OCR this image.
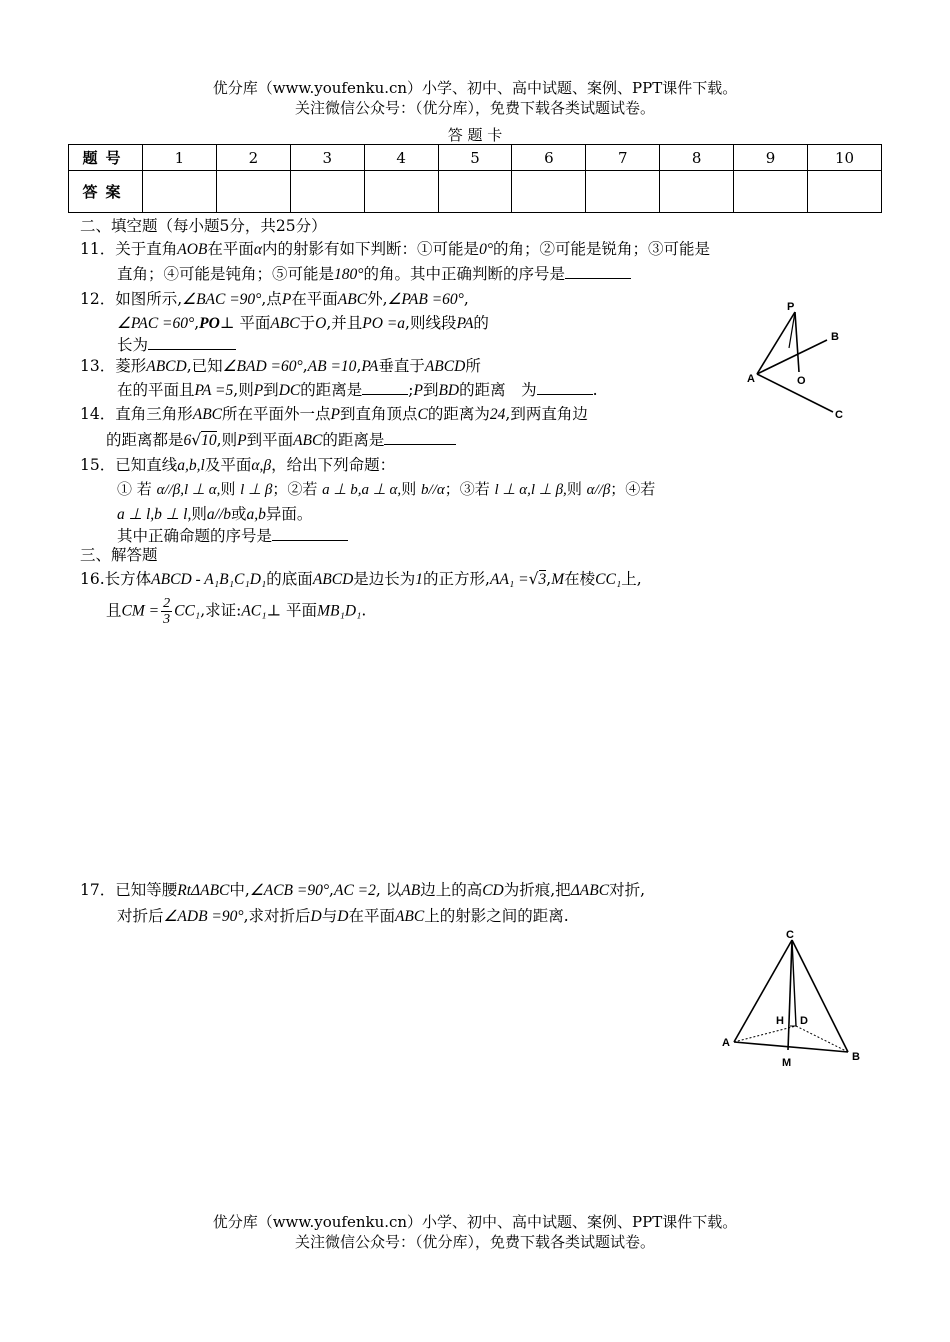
优分库（www.youfenku.cn）小学、初中、高中试题、案例、PPT课件下载。
关注微信公众号：（优分库），免费下载各类试题试卷。
答 题 卡
题号	1	2	3	4	5	6	7	8	9	10
答案										
二、填空题（每小题5分，共25分）
11．关于直角AOB在平面α内的射影有如下判断：①可能是0°的角；②可能是锐角；③可能是
直角；④可能是钝角；⑤可能是180°的角。其中正确判断的序号是
12．如图所示,∠BAC =90°,点P在平面ABC外,∠PAB =60°,
∠PAC =60°,PO⊥ 平面ABC于O,并且PO =a,则线段PA的
长为
13．菱形ABCD,已知∠BAD =60°,AB =10,PA垂直于ABCD所
在的平面且PA =5,则P到DC的距离是	;P到BD的距离　为	.
14．直角三角形ABC所在平面外一点P到直角顶点C的距离为24,到两直角边
的距离都是6√10,则P到平面ABC的距离是
15．已知直线a,b,l及平面α,β，给出下列命题：
① 若 α//β,l ⊥ α,则 l ⊥ β；②若 a ⊥ b,a ⊥ α,则 b//α；③若 l ⊥ α,l ⊥ β,则 α//β；④若
a ⊥ l,b ⊥ l,则a//b或a,b异面。
其中正确命题的序号是
三、解答题
16.长方体ABCD - A₁B₁C₁D₁的底面ABCD是边长为1的正方形,AA₁ =√3,M在棱CC₁上,
且CM = $\frac{2}{3} CC_1$,求证:AC₁⊥ 平面MB₁D₁.
17．已知等腰RtΔABC中,∠ACB =90°,AC =2, 以AB边上的高CD为折痕,把ΔABC对折,
对折后∠ADB =90°,求对折后D与D在平面ABC上的射影之间的距离.
P
B
A	O
C
C
H D
A
M	B
优分库（www.youfenku.cn）小学、初中、高中试题、案例、PPT课件下载。
关注微信公众号：（优分库），免费下载各类试题试卷。
